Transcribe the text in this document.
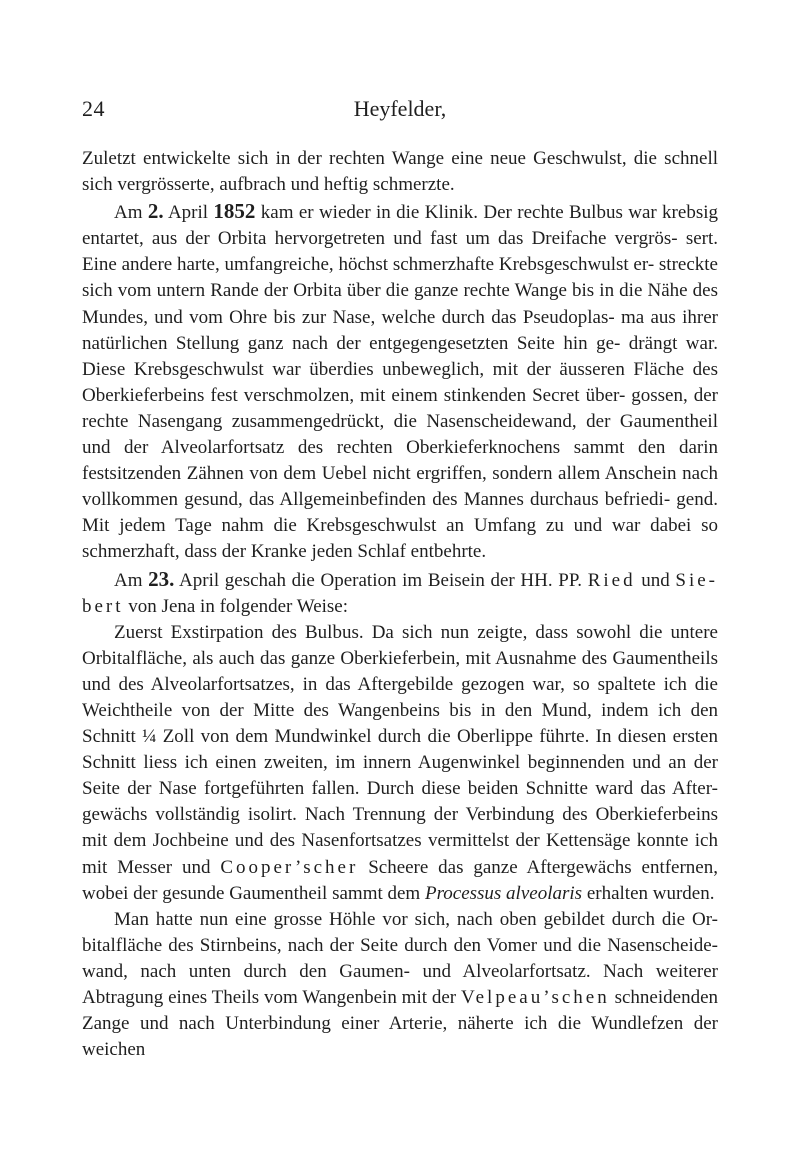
24	Heyfelder,

Zuletzt entwickelte sich in der rechten Wange eine neue Geschwulst, die schnell sich vergrösserte, aufbrach und heftig schmerzte.

Am 2. April 1852 kam er wieder in die Klinik. Der rechte Bulbus war krebsig entartet, aus der Orbita hervorgetreten und fast um das Dreifache vergrös- sert. Eine andere harte, umfangreiche, höchst schmerzhafte Krebsgeschwulst er- streckte sich vom untern Rande der Orbita über die ganze rechte Wange bis in die Nähe des Mundes, und vom Ohre bis zur Nase, welche durch das Pseudoplas- ma aus ihrer natürlichen Stellung ganz nach der entgegengesetzten Seite hin ge- drängt war. Diese Krebsgeschwulst war überdies unbeweglich, mit der äusseren Fläche des Oberkieferbeins fest verschmolzen, mit einem stinkenden Secret über- gossen, der rechte Nasengang zusammengedrückt, die Nasenscheidewand, der Gaumentheil und der Alveolarfortsatz des rechten Oberkieferknochens sammt den darin festsitzenden Zähnen von dem Uebel nicht ergriffen, sondern allem Anschein nach vollkommen gesund, das Allgemeinbefinden des Mannes durchaus befriedi- gend. Mit jedem Tage nahm die Krebsgeschwulst an Umfang zu und war dabei so schmerzhaft, dass der Kranke jeden Schlaf entbehrte.

Am 23. April geschah die Operation im Beisein der HH. PP. Ried und Sie- bert von Jena in folgender Weise:

Zuerst Exstirpation des Bulbus. Da sich nun zeigte, dass sowohl die untere Orbitalfläche, als auch das ganze Oberkieferbein, mit Ausnahme des Gaumentheils und des Alveolarfortsatzes, in das Aftergebilde gezogen war, so spaltete ich die Weichtheile von der Mitte des Wangenbeins bis in den Mund, indem ich den Schnitt ¼ Zoll von dem Mundwinkel durch die Oberlippe führte. In diesen ersten Schnitt liess ich einen zweiten, im innern Augenwinkel beginnenden und an der Seite der Nase fortgeführten fallen. Durch diese beiden Schnitte ward das After- gewächs vollständig isolirt. Nach Trennung der Verbindung des Oberkieferbeins mit dem Jochbeine und des Nasenfortsatzes vermittelst der Kettensäge konnte ich mit Messer und Cooper’scher Scheere das ganze Aftergewächs entfernen, wobei der gesunde Gaumentheil sammt dem Processus alveolaris erhalten wurden.

Man hatte nun eine grosse Höhle vor sich, nach oben gebildet durch die Or- bitalfläche des Stirnbeins, nach der Seite durch den Vomer und die Nasenscheide- wand, nach unten durch den Gaumen- und Alveolarfortsatz. Nach weiterer Abtragung eines Theils vom Wangenbein mit der Velpeau’schen schneidenden Zange und nach Unterbindung einer Arterie, näherte ich die Wundlefzen der weichen
